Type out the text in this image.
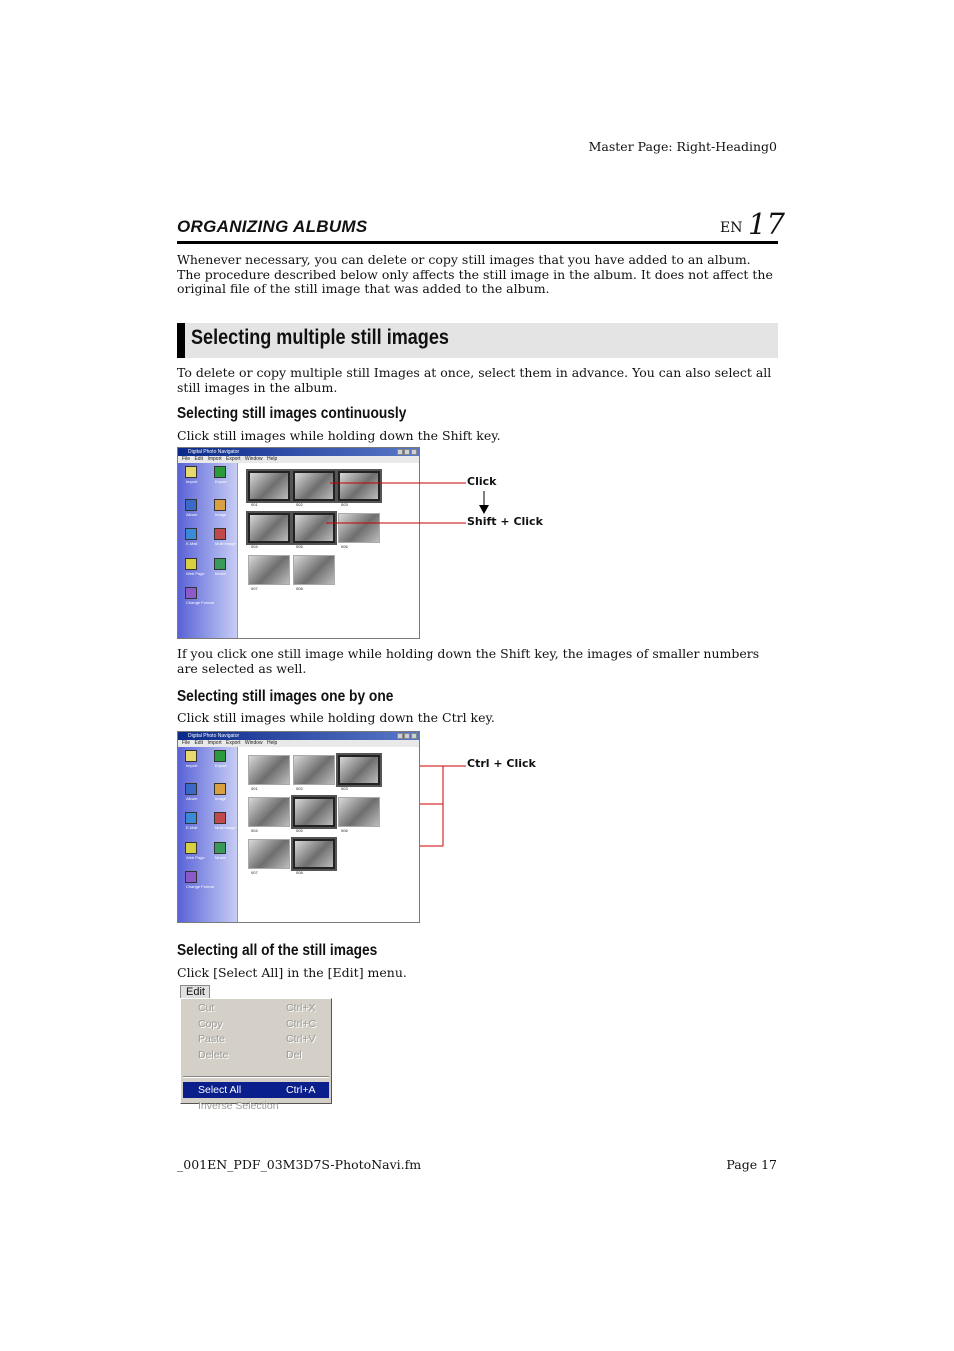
Master Page: Right-Heading0
ORGANIZING ALBUMS	EN 17
Whenever necessary, you can delete or copy still images that you have added to an album. The procedure described below only affects the still image in the album. It does not affect the original file of the still image that was added to the album.
Selecting multiple still images
To delete or copy multiple still Images at once, select them in advance. You can also select all still images in the album.
Selecting still images continuously
Click still images while holding down the Shift key.
Digital Photo Navigator
File Edit Import Export Window Help
Import	Export
Album	Image
E-Mail	Multi Image
Web Page	Movie
Change Format
001	002	003
004	005	006
007	008
Click
Shift + Click
If you click one still image while holding down the Shift key, the images of smaller numbers are selected as well.
Selecting still images one by one
Click still images while holding down the Ctrl key.
Digital Photo Navigator
File Edit Import Export Window Help
Import	Export
Album	Image
E-Mail	Multi Image
Web Page	Movie
Change Format
001	002	003
004	005	006
007	008
Ctrl + Click
Selecting all of the still images
Click [Select All] in the [Edit] menu.
Edit
Cut	Ctrl+X
Copy	Ctrl+C
Paste	Ctrl+V
Delete	Del
Select All	Ctrl+A
Inverse Selection
_001EN_PDF_03M3D7S-PhotoNavi.fm	Page 17
